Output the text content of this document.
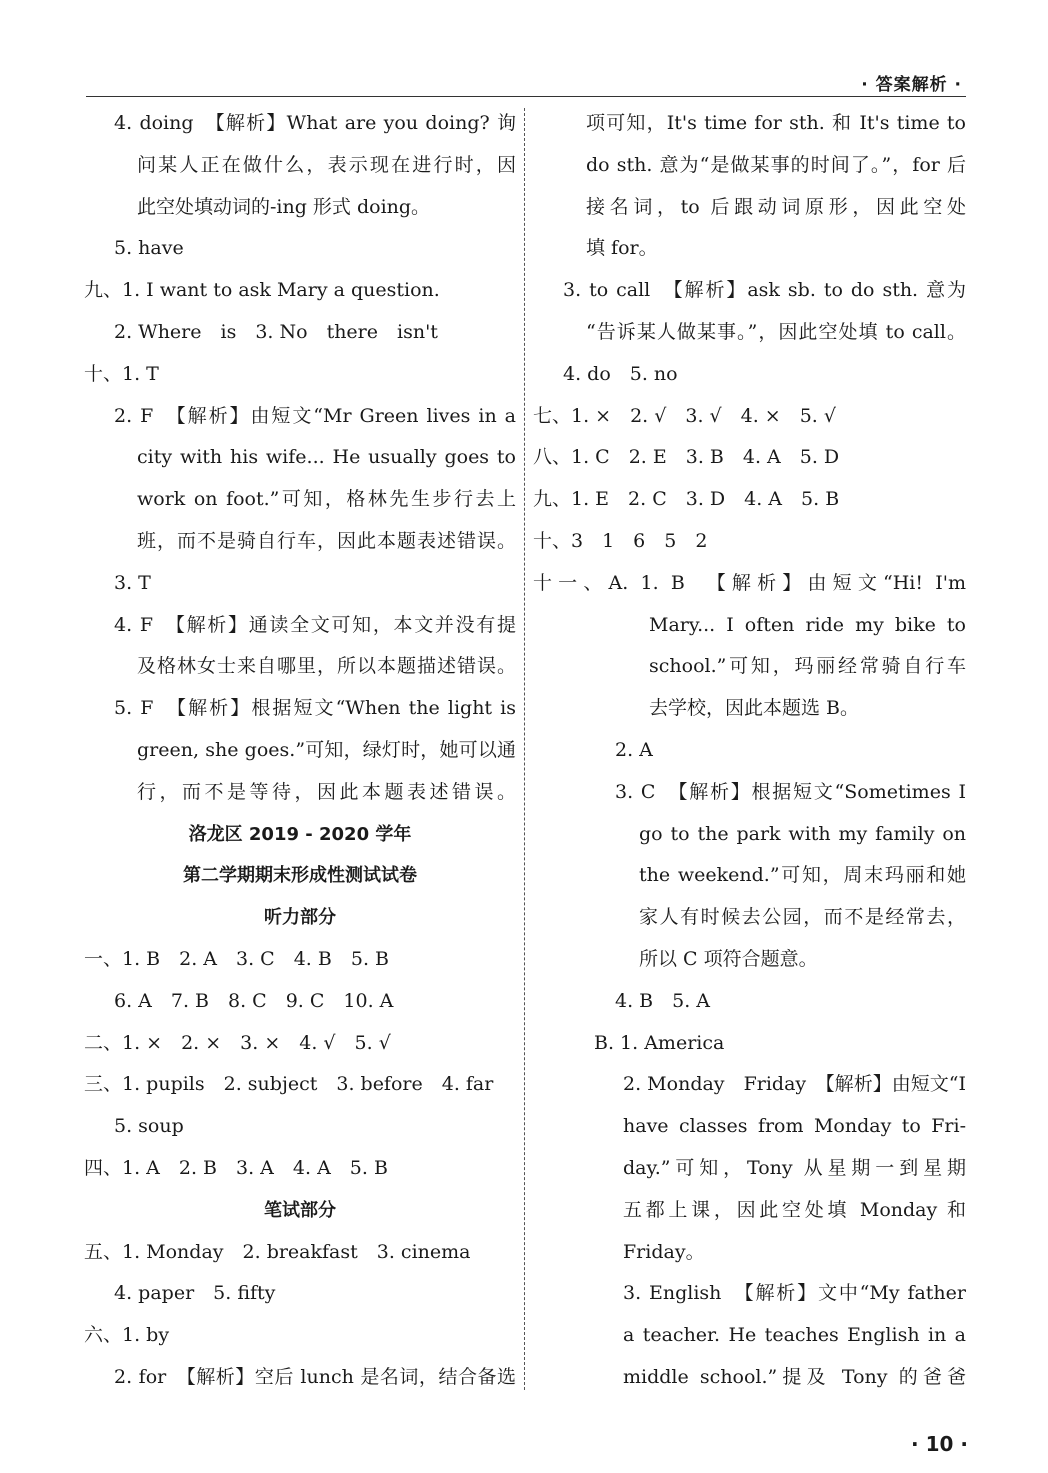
· 答案解析 ·
4. doing　【解析】What are you doing? 询
问某人正在做什么，表示现在进行时，因
此空处填动词的-ing 形式 doing。
5. have
九、1. I want to ask Mary a question.
2. Where　is　3. No　there　isn't
十、1. T
2. F　【解析】由短文“Mr Green lives in a
city with his wife... He usually goes to
work on foot.”可知，格林先生步行去上
班，而不是骑自行车，因此本题表述错误。
3. T
4. F　【解析】通读全文可知，本文并没有提
及格林女士来自哪里，所以本题描述错误。
5. F　【解析】根据短文“When the light is
green, she goes.”可知，绿灯时，她可以通
行，而不是等待，因此本题表述错误。
洛龙区 2019 - 2020 学年
第二学期期末形成性测试试卷
听力部分
一、1. B　2. A　3. C　4. B　5. B
6. A　7. B　8. C　9. C　10. A
二、1. ×　2. ×　3. ×　4. √　5. √
三、1. pupils　2. subject　3. before　4. far
5. soup
四、1. A　2. B　3. A　4. A　5. B
笔试部分
五、1. Monday　2. breakfast　3. cinema
4. paper　5. fifty
六、1. by
2. for　【解析】空后 lunch 是名词，结合备选
项可知，It's time for sth. 和 It's time to
do sth. 意为“是做某事的时间了。”，for 后
接名词，to 后跟动词原形，因此空处
填 for。
3. to call　【解析】ask sb. to do sth. 意为
“告诉某人做某事。”，因此空处填 to call。
4. do　5. no
七、1. ×　2. √　3. √　4. ×　5. √
八、1. C　2. E　3. B　4. A　5. D
九、1. E　2. C　3. D　4. A　5. B
十、3　1　6　5　2
十一、A. 1. B　【解析】由短文“Hi! I'm
Mary... I often ride my bike to
school.”可知，玛丽经常骑自行车
去学校，因此本题选 B。
2. A
3. C　【解析】根据短文“Sometimes I
go to the park with my family on
the weekend.”可知，周末玛丽和她
家人有时候去公园，而不是经常去，
所以 C 项符合题意。
4. B　5. A
B. 1. America
2. Monday　Friday　【解析】由短文“I
have classes from Monday to Fri-
day.”可知，Tony 从星期一到星期
五都上课，因此空处填 Monday 和
Friday。
3. English　【解析】文中“My father
a teacher. He teaches English in a
middle school.”提及 Tony 的爸爸
· 10 ·
